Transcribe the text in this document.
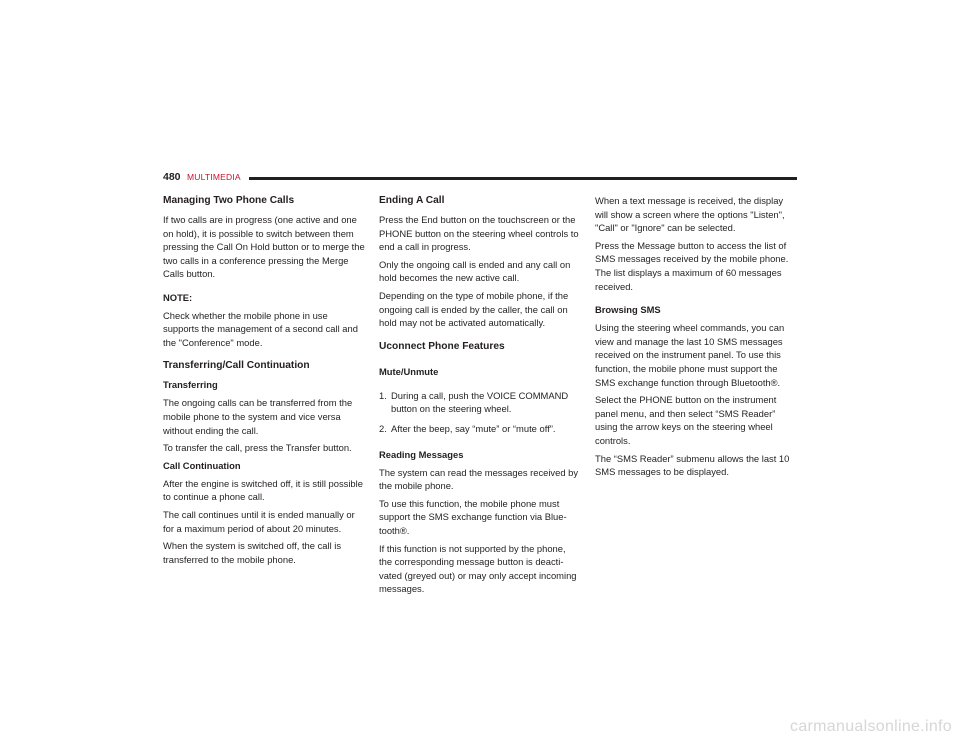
480 MULTIMEDIA
Managing Two Phone Calls

If two calls are in progress (one active and one on hold), it is possible to switch between them pressing the Call On Hold button or to merge the two calls in a conference pressing the Merge Calls button.

NOTE:

Check whether the mobile phone in use supports the management of a second call and the "Conference" mode.

Transferring/Call Continuation
Transferring

The ongoing calls can be transferred from the mobile phone to the system and vice versa without ending the call.

To transfer the call, press the Transfer button.

Call Continuation

After the engine is switched off, it is still possible to continue a phone call.

The call continues until it is ended manually or for a maximum period of about 20 minutes.

When the system is switched off, the call is transferred to the mobile phone.

Ending A Call

Press the End button on the touchscreen or the PHONE button on the steering wheel controls to end a call in progress.

Only the ongoing call is ended and any call on hold becomes the new active call.

Depending on the type of mobile phone, if the ongoing call is ended by the caller, the call on hold may not be activated automatically.

Uconnect Phone Features
Mute/Unmute
1. During a call, push the VOICE COMMAND button on the steering wheel.
2. After the beep, say “mute” or “mute off”.
Reading Messages

The system can read the messages received by the mobile phone.

To use this function, the mobile phone must support the SMS exchange function via Blue-tooth®.

If this function is not supported by the phone, the corresponding message button is deacti-vated (greyed out) or may only accept incoming messages.

When a text message is received, the display will show a screen where the options "Listen", "Call" or "Ignore" can be selected.

Press the Message button to access the list of SMS messages received by the mobile phone. The list displays a maximum of 60 messages received.

Browsing SMS

Using the steering wheel commands, you can view and manage the last 10 SMS messages received on the instrument panel. To use this function, the mobile phone must support the SMS exchange function through Bluetooth®.

Select the PHONE button on the instrument panel menu, and then select “SMS Reader” using the arrow keys on the steering wheel controls.

The “SMS Reader” submenu allows the last 10 SMS messages to be displayed.

carmanualsonline.info
